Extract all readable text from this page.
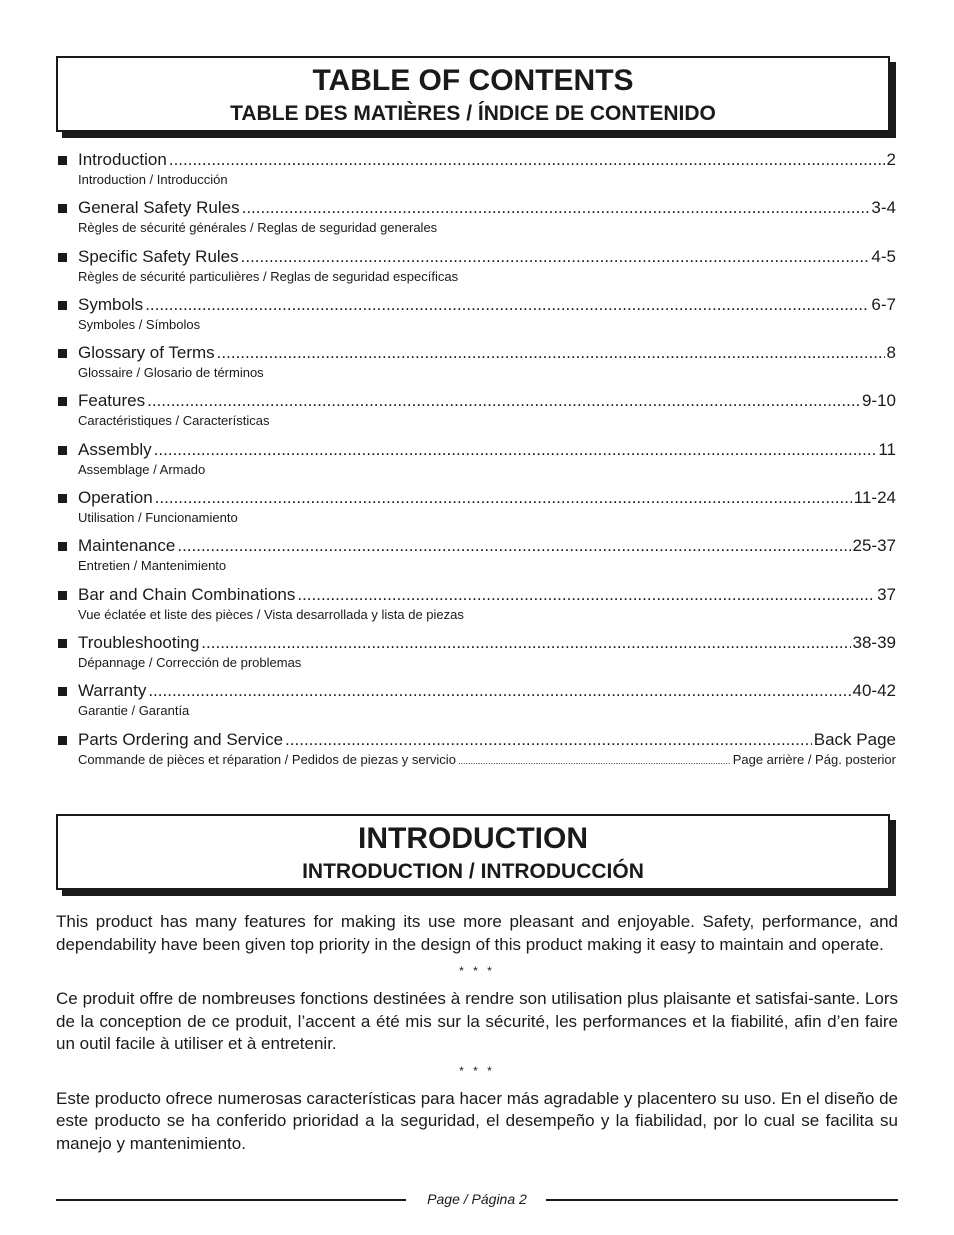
TABLE OF CONTENTS
TABLE DES MATIÈRES / ÍNDICE DE CONTENIDO
Introduction .....	2
Introduction / Introducción
General Safety Rules .....	3-4
Règles de sécurité générales / Reglas de seguridad generales
Specific Safety Rules .....	4-5
Règles de sécurité particulières / Reglas de seguridad específicas
Symbols .....	6-7
Symboles / Símbolos
Glossary of Terms .....	8
Glossaire / Glosario de términos
Features .....	9-10
Caractéristiques / Características
Assembly .....	11
Assemblage / Armado
Operation .....	11-24
Utilisation / Funcionamiento
Maintenance .....	25-37
Entretien / Mantenimiento
Bar and Chain Combinations .....	37
Vue éclatée et liste des pièces / Vista desarrollada y lista de piezas
Troubleshooting .....	38-39
Dépannage / Corrección de problemas
Warranty .....	40-42
Garantie / Garantía
Parts Ordering and Service .....	Back Page
Commande de pièces et réparation / Pedidos de piezas y servicio .....	Page arrière / Pág. posterior
INTRODUCTION
INTRODUCTION / INTRODUCCIÓN

This product has many features for making its use more pleasant and enjoyable. Safety, performance, and dependability have been given top priority in the design of this product making it easy to maintain and operate.

* * *

Ce produit offre de nombreuses fonctions destinées à rendre son utilisation plus plaisante et satisfai-sante. Lors de la conception de ce produit, l’accent a été mis sur la sécurité, les performances et la fiabilité, afin d’en faire un outil facile à utiliser et à entretenir.

* * *

Este producto ofrece numerosas características para hacer más agradable y placentero su uso. En el diseño de este producto se ha conferido prioridad a la seguridad, el desempeño y la fiabilidad, por lo cual se facilita su manejo y mantenimiento.

Page / Página 2
